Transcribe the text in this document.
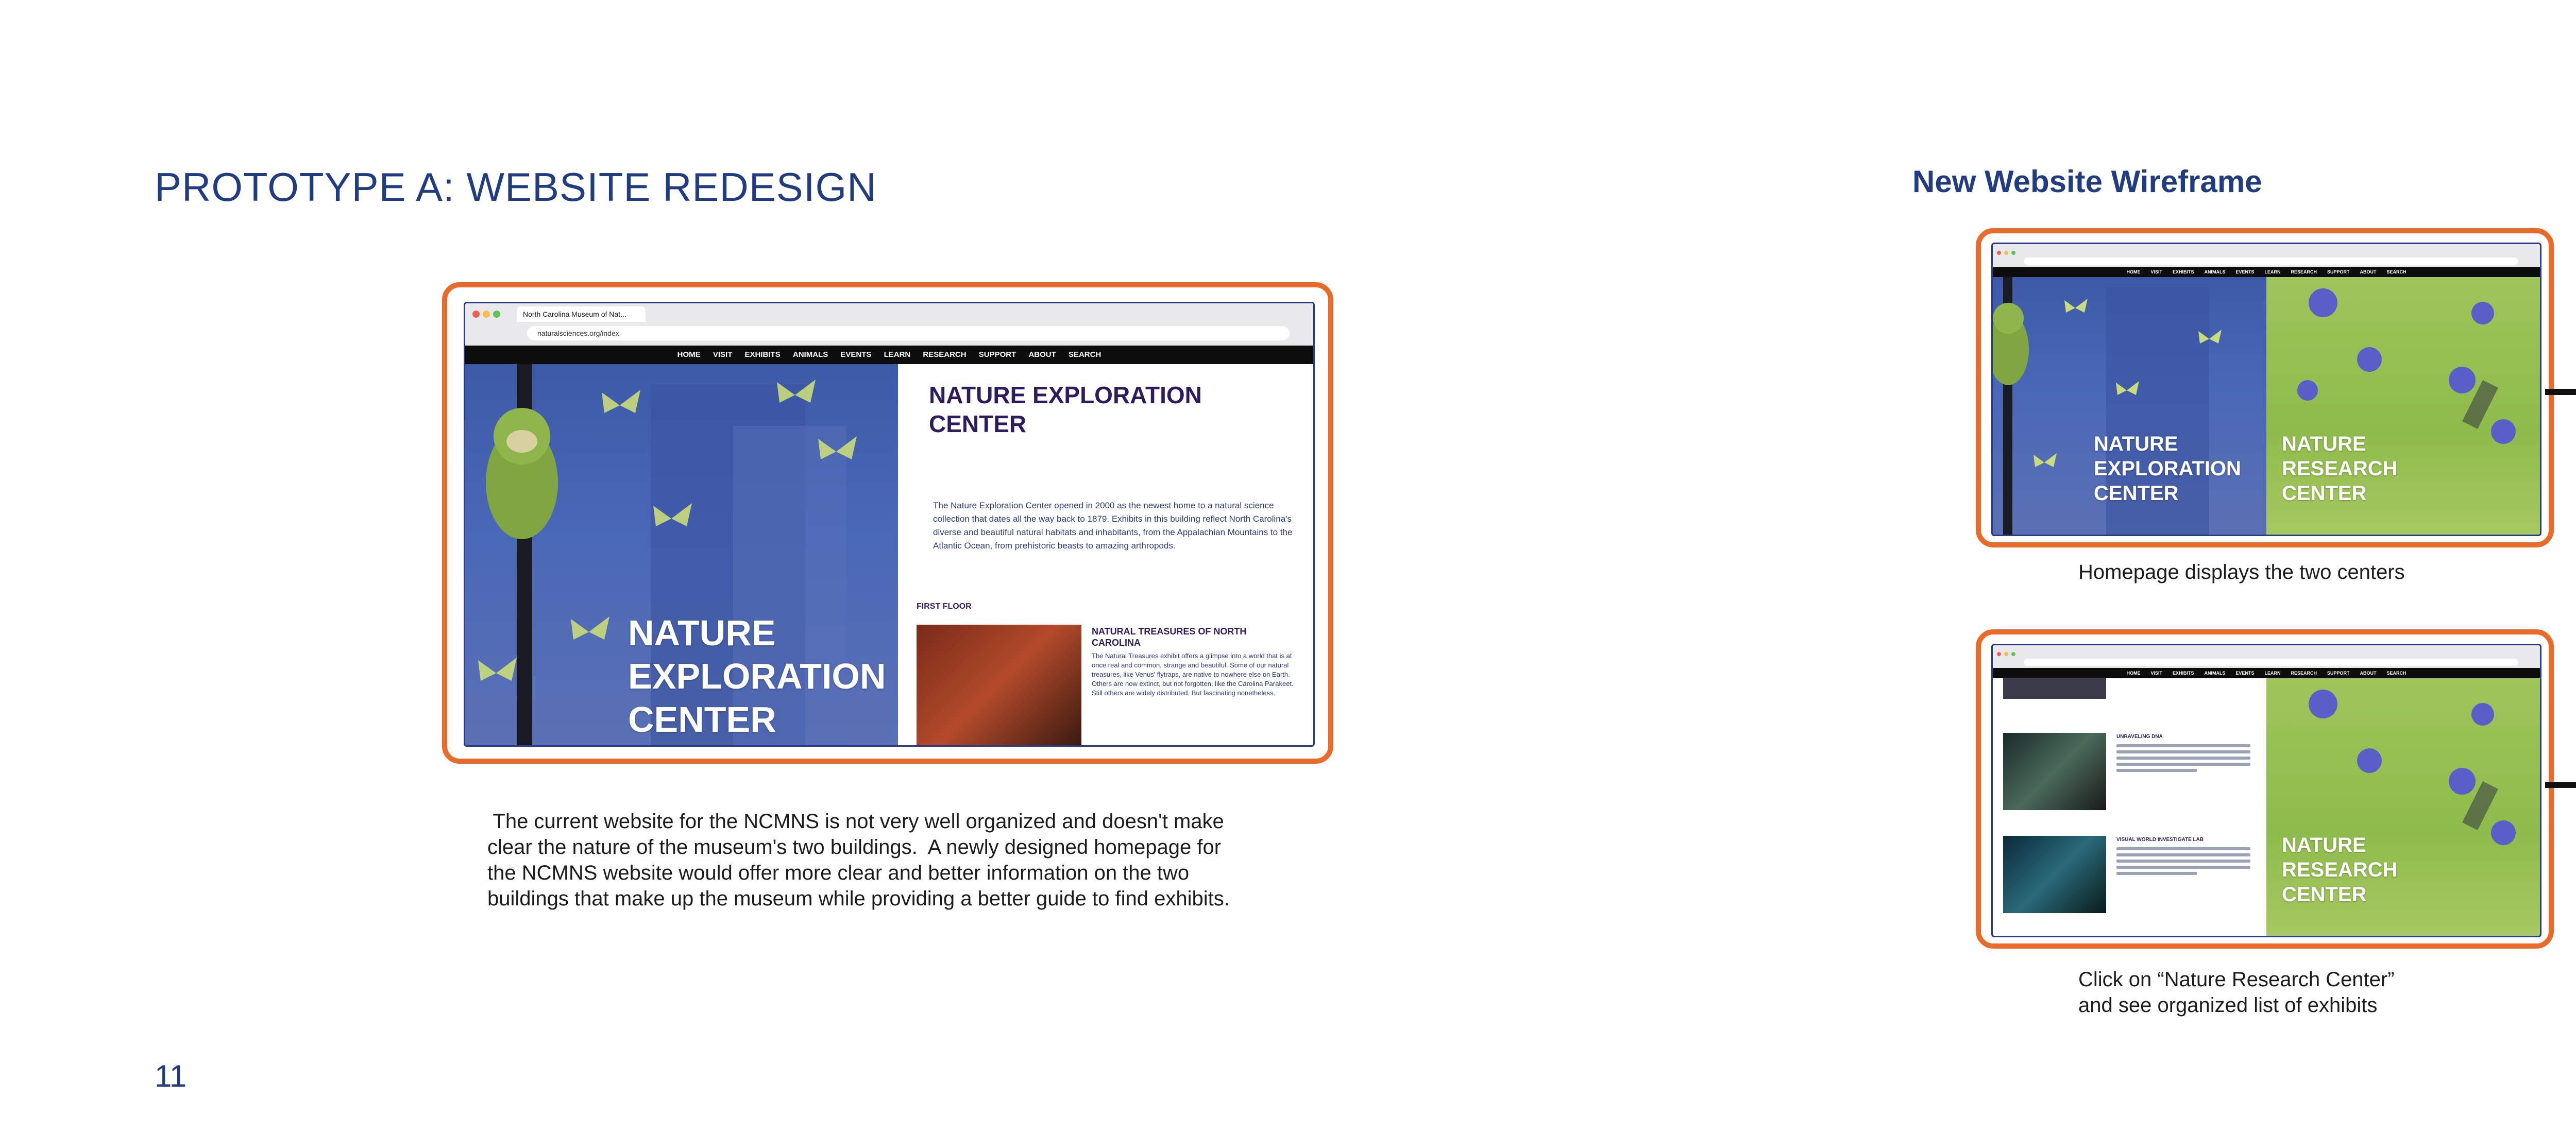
PROTOTYPE A: WEBSITE REDESIGN
North Carolina Museum of Nat...
naturalsciences.org/index
HOME VISIT EXHIBITS ANIMALS EVENTS LEARN RESEARCH SUPPORT ABOUT SEARCH
NATURE
EXPLORATION
CENTER
NATURE EXPLORATION CENTER
The Nature Exploration Center opened in 2000 as the newest home to a natural science collection that dates all the way back to 1879. Exhibits in this building reflect North Carolina's diverse and beautiful natural habitats and inhabitants, from the Appalachian Mountains to the Atlantic Ocean, from prehistoric beasts to amazing arthropods.
FIRST FLOOR
NATURAL TREASURES OF NORTH CAROLINA
The Natural Treasures exhibit offers a glimpse into a world that is at once real and common, strange and beautiful. Some of our natural treasures, like Venus' flytraps, are native to nowhere else on Earth. Others are now extinct, but not forgotten, like the Carolina Parakeet. Still others are widely distributed. But fascinating nonetheless.
The current website for the NCMNS is not very well organized and doesn't make
clear the nature of the museum's two buildings.  A newly designed homepage for
the NCMNS website would offer more clear and better information on the two
buildings that make up the museum while providing a better guide to find exhibits.
11
New Website Wireframe
HOME VISIT EXHIBITS ANIMALS EVENTS LEARN RESEARCH SUPPORT ABOUT SEARCH
NATURE
EXPLORATION
CENTER
NATURE
RESEARCH
CENTER
Homepage displays the two centers
HOME VISIT EXHIBITS ANIMALS EVENTS LEARN RESEARCH SUPPORT ABOUT SEARCH
UNRAVELING DNA
VISUAL WORLD INVESTIGATE LAB	NATURE
RESEARCH
CENTER
Click on “Nature Research Center”
and see organized list of exhibits
